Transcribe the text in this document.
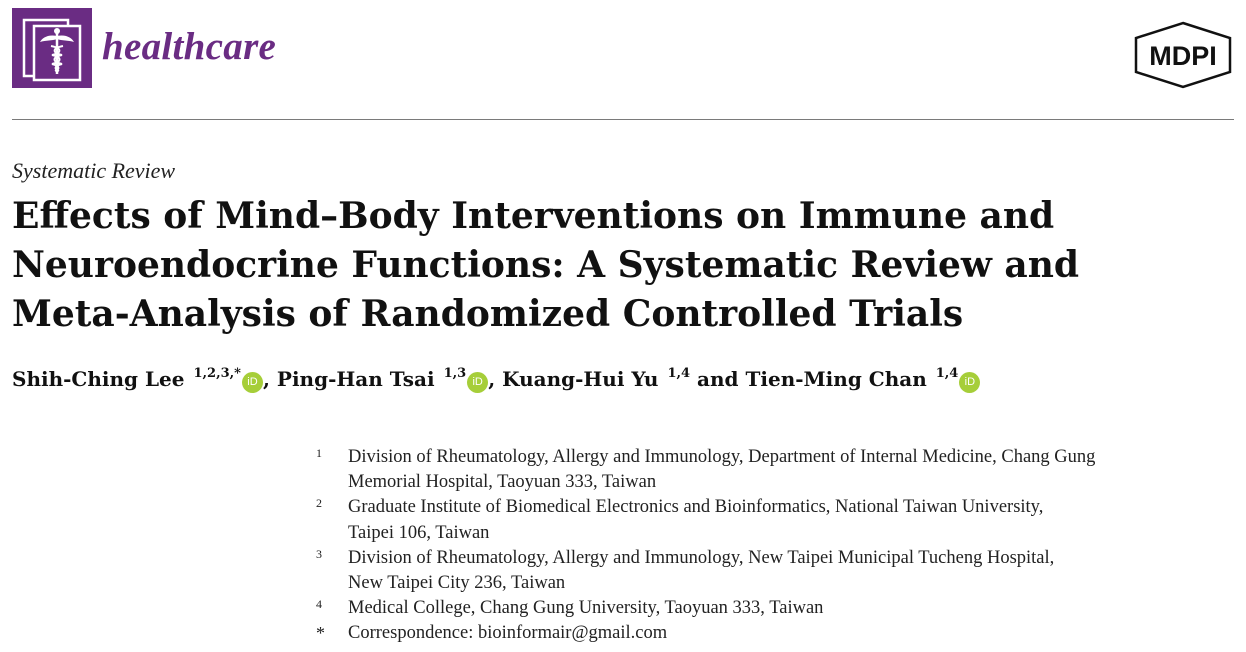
healthcare	MDPI
Systematic Review
Effects of Mind–Body Interventions on Immune and
Neuroendocrine Functions: A Systematic Review and
Meta-Analysis of Randomized Controlled Trials
Shih-Ching Lee $^{1,2,3,*}$iD , Ping-Han Tsai $^{1,3}$iD , Kuang-Hui Yu $^{1,4}$ and Tien-Ming Chan $^{1,4}$iD
1	Division of Rheumatology, Allergy and Immunology, Department of Internal Medicine, Chang Gung
Memorial Hospital, Taoyuan 333, Taiwan
2	Graduate Institute of Biomedical Electronics and Bioinformatics, National Taiwan University,
Taipei 106, Taiwan
3	Division of Rheumatology, Allergy and Immunology, New Taipei Municipal Tucheng Hospital,
New Taipei City 236, Taiwan
4	Medical College, Chang Gung University, Taoyuan 333, Taiwan
*	Correspondence: bioinformair@gmail.com
